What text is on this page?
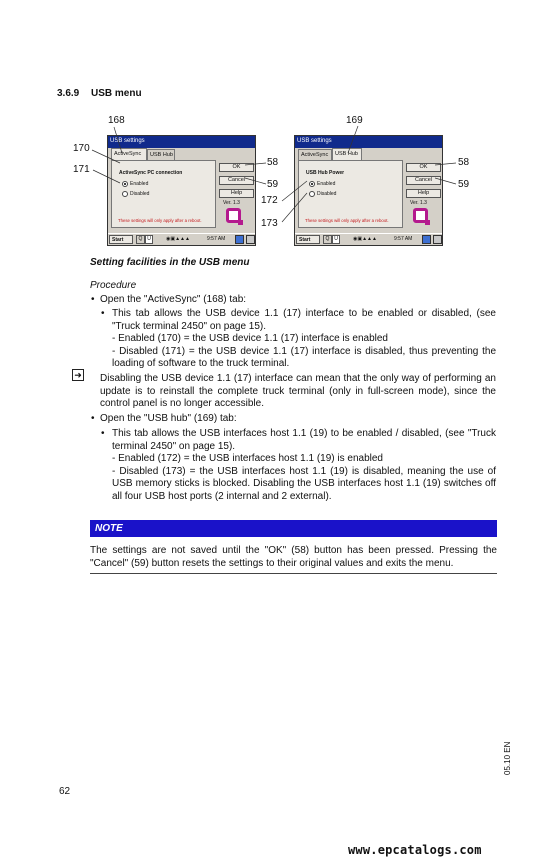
3.6.9 USB menu
USB settings
ActiveSync	USB Hub
ActiveSync PC connection
Enabled
Disabled
These settings will only apply after a reboot.
OK
Cancel
Help
Ver. 1.3
Start	Q U	◉▣▲▲▲	9:57 AM
USB settings
ActiveSync	USB Hub
USB Hub Power
Enabled
Disabled
These settings will only apply after a reboot.
OK
Cancel
Help
Ver. 1.3
Start	Q U	◉▣▲▲▲	9:57 AM
168
170
171
58
59
169
172
173
58
59
Setting facilities in the USB menu
Procedure
• Open the "ActiveSync" (168) tab:
• This tab allows the USB device 1.1 (17) interface to be enabled or disabled, (see "Truck terminal 2450" on page 15).
- Enabled (170) = the USB device 1.1 (17) interface is enabled
- Disabled (171) = the USB device 1.1 (17) interface is disabled, thus preventing the loading of software to the truck terminal.
➜ Disabling the USB device 1.1 (17) interface can mean that the only way of performing an update is to reinstall the complete truck terminal (only in full-screen mode), since the control panel is no longer accessible.
• Open the "USB hub" (169) tab:
• This tab allows the USB interfaces host 1.1 (19) to be enabled / disabled, (see "Truck terminal 2450" on page 15).
- Enabled (172) = the USB interfaces host 1.1 (19) is enabled
- Disabled (173) = the USB interfaces host 1.1 (19) is disabled, meaning the use of USB memory sticks is blocked. Disabling the USB interfaces host 1.1 (19) switches off all four USB host ports (2 internal and 2 external).
NOTE
The settings are not saved until the "OK" (58) button has been pressed. Pressing the "Cancel" (59) button resets the settings to their original values and exits the menu.
05.10 EN
62
www.epcatalogs.com
